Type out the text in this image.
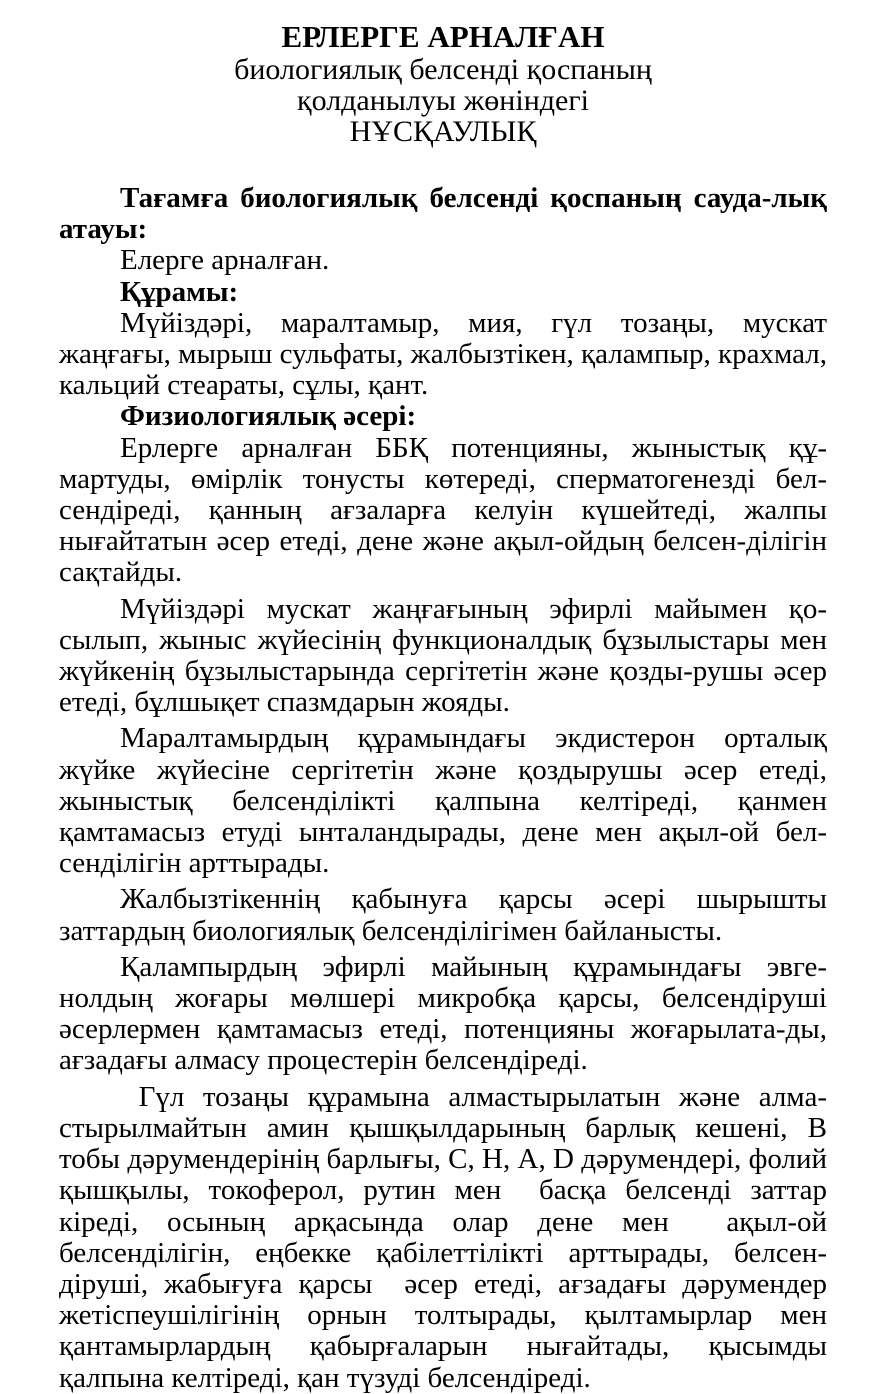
ЕРЛЕРГЕ АРНАЛҒАН
биологиялық белсенді қоспаның
қолданылуы жөніндегі
НҰСҚАУЛЫҚ

Тағамға биологиялық белсенді қоспаның сауда-лық атауы:

Елерге арналған.

Құрамы:

Мүйіздәрі, маралтамыр, мия, гүл тозаңы, мускат жаңғағы, мырыш сульфаты, жалбызтікен, қалампыр, крахмал, кальций стеараты, сұлы, қант.

Физиологиялық әсері:

Ерлерге арналған ББҚ потенцияны, жыныстық құ-мартуды, өмірлік тонусты көтереді, сперматогенезді бел-сендіреді, қанның ағзаларға келуін күшейтеді, жалпы нығайтатын әсер етеді, дене және ақыл-ойдың белсен-ділігін сақтайды.

Мүйіздәрі мускат жаңғағының эфирлі майымен қо-сылып, жыныс жүйесінің функционалдық бұзылыстары мен жүйкенің бұзылыстарында сергітетін және қозды-рушы әсер етеді, бұлшықет спазмдарын жояды.

Маралтамырдың құрамындағы экдистерон орталық жүйке жүйесіне сергітетін және қоздырушы әсер етеді, жыныстық белсенділікті қалпына келтіреді, қанмен қамтамасыз етуді ынталандырады, дене мен ақыл-ой бел-сенділігін арттырады.

Жалбызтікеннің қабынуға қарсы әсері шырышты заттардың биологиялық белсенділігімен байланысты.

Қалампырдың эфирлі майының құрамындағы эвге-нолдың жоғары мөлшері микробқа қарсы, белсендіруші әсерлермен қамтамасыз етеді, потенцияны жоғарылата-ды, ағзадағы алмасу процестерін белсендіреді.

Гүл тозаңы құрамына алмастырылатын және алма-стырылмайтын амин қышқылдарының барлық кешені, В тобы дәрумендерінің барлығы, С, Н, А, D дәрумендері, фолий қышқылы, токоферол, рутин мен  басқа белсенді заттар кіреді, осының арқасында олар дене мен  ақыл-ой белсенділігін, еңбекке қабілеттілікті арттырады, белсен-діруші, жабығуға қарсы  әсер етеді, ағзадағы дәрумендер жетіспеушілігінің орнын толтырады, қылтамырлар мен қантамырлардың қабырғаларын нығайтады, қысымды қалпына келтіреді, қан түзуді белсендіреді.
